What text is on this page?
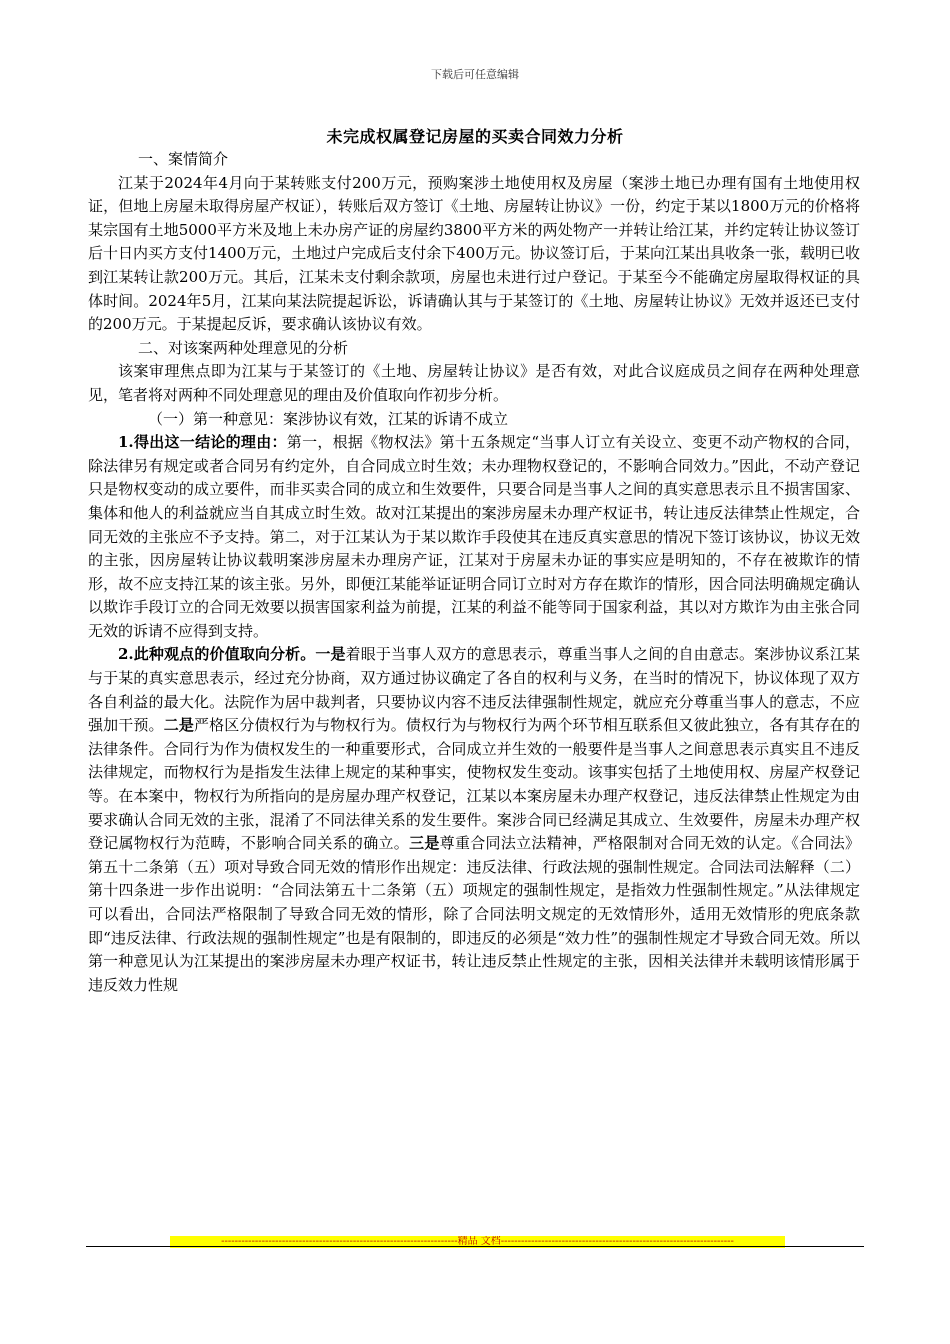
下载后可任意编辑
未完成权属登记房屋的买卖合同效力分析

一、案情简介

江某于2024年4月向于某转账支付200万元，预购案涉土地使用权及房屋（案涉土地已办理有国有土地使用权证，但地上房屋未取得房屋产权证），转账后双方签订《土地、房屋转让协议》一份，约定于某以1800万元的价格将某宗国有土地5000平方米及地上未办房产证的房屋约3800平方米的两处物产一并转让给江某，并约定转让协议签订后十日内买方支付1400万元，土地过户完成后支付余下400万元。协议签订后，于某向江某出具收条一张，载明已收到江某转让款200万元。其后，江某未支付剩余款项，房屋也未进行过户登记。于某至今不能确定房屋取得权证的具体时间。2024年5月，江某向某法院提起诉讼，诉请确认其与于某签订的《土地、房屋转让协议》无效并返还已支付的200万元。于某提起反诉，要求确认该协议有效。

二、对该案两种处理意见的分析

该案审理焦点即为江某与于某签订的《土地、房屋转让协议》是否有效，对此合议庭成员之间存在两种处理意见，笔者将对两种不同处理意见的理由及价值取向作初步分析。

（一）第一种意见：案涉协议有效，江某的诉请不成立

1.得出这一结论的理由：第一，根据《物权法》第十五条规定“当事人订立有关设立、变更不动产物权的合同，除法律另有规定或者合同另有约定外，自合同成立时生效；未办理物权登记的，不影响合同效力。”因此，不动产登记只是物权变动的成立要件，而非买卖合同的成立和生效要件，只要合同是当事人之间的真实意思表示且不损害国家、集体和他人的利益就应当自其成立时生效。故对江某提出的案涉房屋未办理产权证书，转让违反法律禁止性规定，合同无效的主张应不予支持。第二，对于江某认为于某以欺诈手段使其在违反真实意思的情况下签订该协议，协议无效的主张，因房屋转让协议载明案涉房屋未办理房产证，江某对于房屋未办证的事实应是明知的，不存在被欺诈的情形，故不应支持江某的该主张。另外，即便江某能举证证明合同订立时对方存在欺诈的情形，因合同法明确规定确认以欺诈手段订立的合同无效要以损害国家利益为前提，江某的利益不能等同于国家利益，其以对方欺诈为由主张合同无效的诉请不应得到支持。

2.此种观点的价值取向分析。一是着眼于当事人双方的意思表示，尊重当事人之间的自由意志。案涉协议系江某与于某的真实意思表示，经过充分协商，双方通过协议确定了各自的权利与义务，在当时的情况下，协议体现了双方各自利益的最大化。法院作为居中裁判者，只要协议内容不违反法律强制性规定，就应充分尊重当事人的意志，不应强加干预。二是严格区分债权行为与物权行为。债权行为与物权行为两个环节相互联系但又彼此独立，各有其存在的法律条件。合同行为作为债权发生的一种重要形式，合同成立并生效的一般要件是当事人之间意思表示真实且不违反法律规定，而物权行为是指发生法律上规定的某种事实，使物权发生变动。该事实包括了土地使用权、房屋产权登记等。在本案中，物权行为所指向的是房屋办理产权登记，江某以本案房屋未办理产权登记，违反法律禁止性规定为由要求确认合同无效的主张，混淆了不同法律关系的发生要件。案涉合同已经满足其成立、生效要件，房屋未办理产权登记属物权行为范畴，不影响合同关系的确立。三是尊重合同法立法精神，严格限制对合同无效的认定。《合同法》第五十二条第（五）项对导致合同无效的情形作出规定：违反法律、行政法规的强制性规定。合同法司法解释（二）第十四条进一步作出说明：“合同法第五十二条第（五）项规定的强制性规定，是指效力性强制性规定。”从法律规定可以看出，合同法严格限制了导致合同无效的情形，除了合同法明文规定的无效情形外，适用无效情形的兜底条款即“违反法律、行政法规的强制性规定”也是有限制的，即违反的必须是“效力性”的强制性规定才导致合同无效。所以第一种意见认为江某提出的案涉房屋未办理产权证书，转让违反禁止性规定的主张，因相关法律并未载明该情形属于违反效力性规

----------------------------------------------------------------------精品 文档---------------------------------------------------------------------
